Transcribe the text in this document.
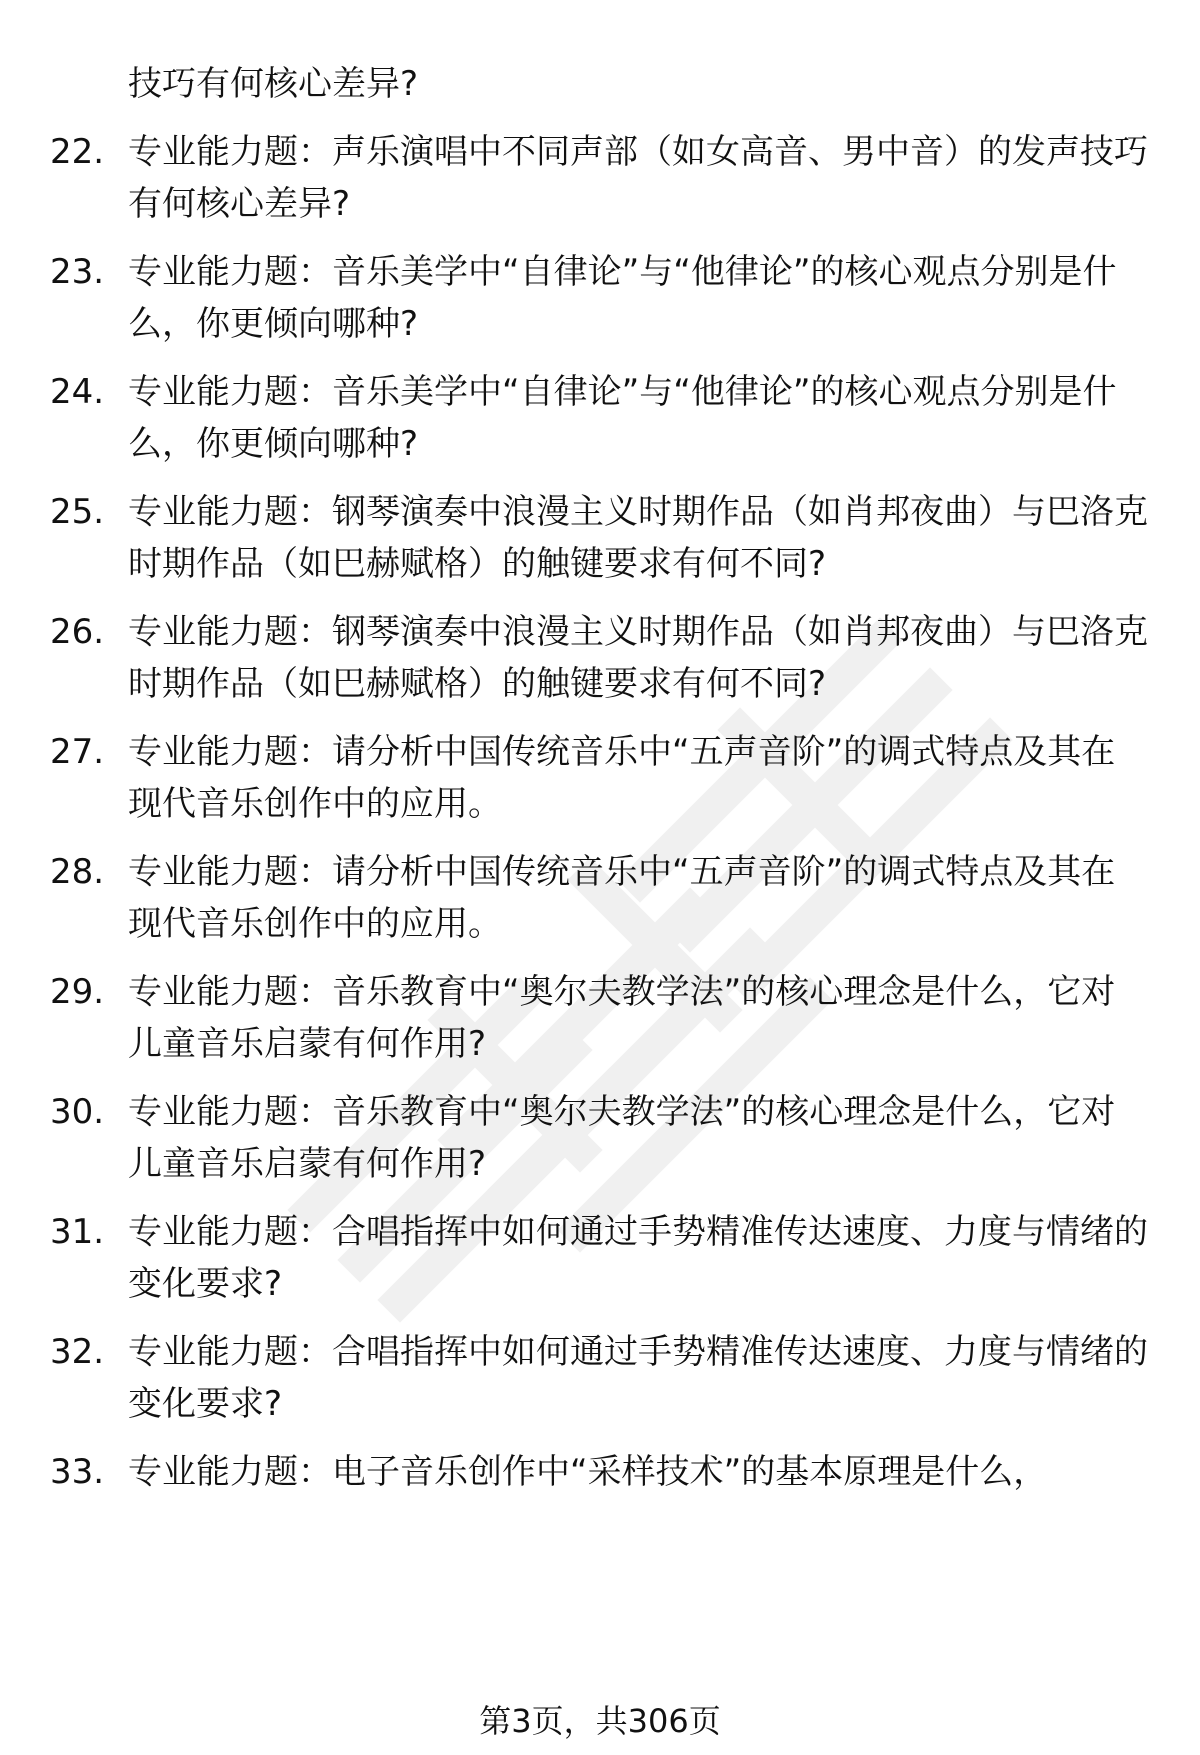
技巧有何核心差异?
22. 专业能力题：声乐演唱中不同声部（如女高音、男中音）的发声技巧有何核心差异?
23. 专业能力题：音乐美学中“自律论”与“他律论”的核心观点分别是什么，你更倾向哪种?
24. 专业能力题：音乐美学中“自律论”与“他律论”的核心观点分别是什么，你更倾向哪种?
25. 专业能力题：钢琴演奏中浪漫主义时期作品（如肖邦夜曲）与巴洛克时期作品（如巴赫赋格）的触键要求有何不同?
26. 专业能力题：钢琴演奏中浪漫主义时期作品（如肖邦夜曲）与巴洛克时期作品（如巴赫赋格）的触键要求有何不同?
27. 专业能力题：请分析中国传统音乐中“五声音阶”的调式特点及其在现代音乐创作中的应用。
28. 专业能力题：请分析中国传统音乐中“五声音阶”的调式特点及其在现代音乐创作中的应用。
29. 专业能力题：音乐教育中“奥尔夫教学法”的核心理念是什么，它对儿童音乐启蒙有何作用?
30. 专业能力题：音乐教育中“奥尔夫教学法”的核心理念是什么，它对儿童音乐启蒙有何作用?
31. 专业能力题：合唱指挥中如何通过手势精准传达速度、力度与情绪的变化要求?
32. 专业能力题：合唱指挥中如何通过手势精准传达速度、力度与情绪的变化要求?
33. 专业能力题：电子音乐创作中“采样技术”的基本原理是什么，
第3页，共306页
